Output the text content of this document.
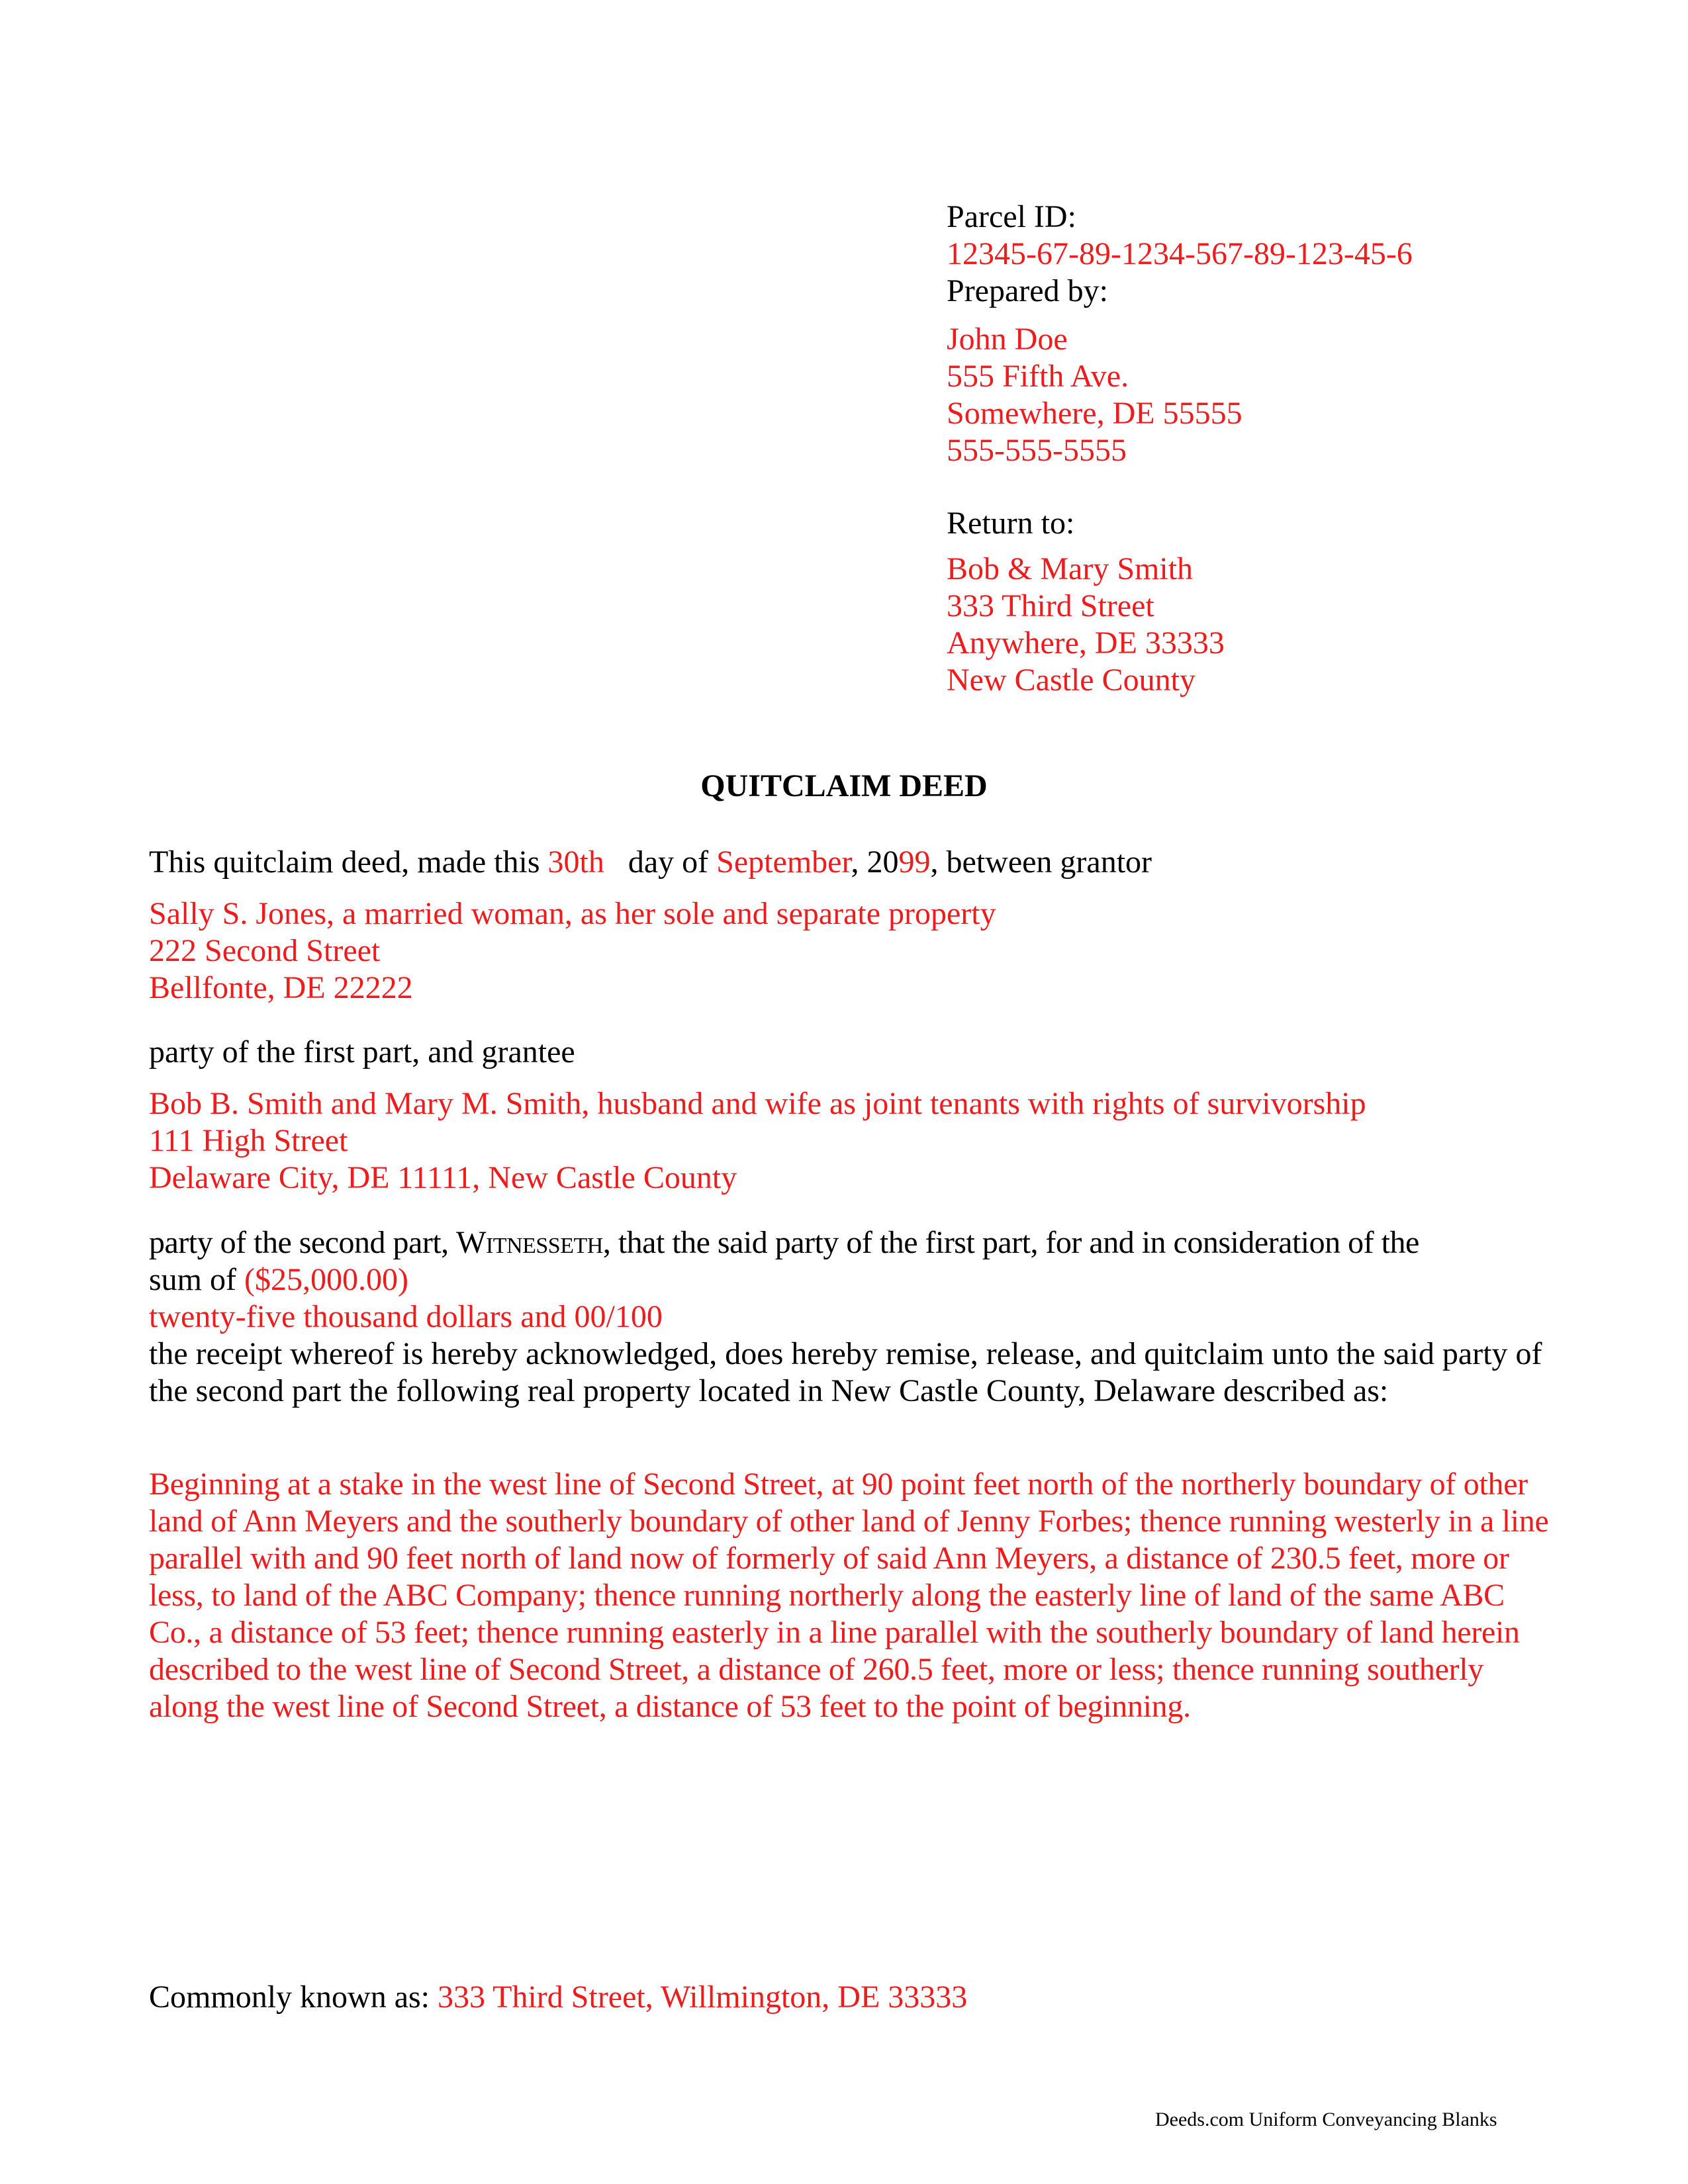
Parcel ID:
12345-67-89-1234-567-89-123-45-6
Prepared by:
John Doe
555 Fifth Ave.
Somewhere, DE 55555
555-555-5555
Return to:
Bob & Mary Smith
333 Third Street
Anywhere, DE 33333
New Castle County
QUITCLAIM DEED
This quitclaim deed, made this 30th   day of September, 2099, between grantor
Sally S. Jones, a married woman, as her sole and separate property
222 Second Street
Bellfonte, DE 22222
party of the first part, and grantee
Bob B. Smith and Mary M. Smith, husband and wife as joint tenants with rights of survivorship
111 High Street
Delaware City, DE 11111, New Castle County
party of the second part, Witnesseth, that the said party of the first part, for and in consideration of the
sum of ($25,000.00)
twenty-five thousand dollars and 00/100
the receipt whereof is hereby acknowledged, does hereby remise, release, and quitclaim unto the said party of the second part the following real property located in New Castle County, Delaware described as:
Beginning at a stake in the west line of Second Street, at 90 point feet north of the northerly boundary of other land of Ann Meyers and the southerly boundary of other land of Jenny Forbes; thence running westerly in a line parallel with and 90 feet north of land now of formerly of said Ann Meyers, a distance of 230.5 feet, more or less, to land of the ABC Company; thence running northerly along the easterly line of land of the same ABC Co., a distance of 53 feet; thence running easterly in a line parallel with the southerly boundary of land herein described to the west line of Second Street, a distance of 260.5 feet, more or less; thence running southerly along the west line of Second Street, a distance of 53 feet to the point of beginning.
Commonly known as: 333 Third Street, Willmington, DE 33333
Deeds.com Uniform Conveyancing Blanks
